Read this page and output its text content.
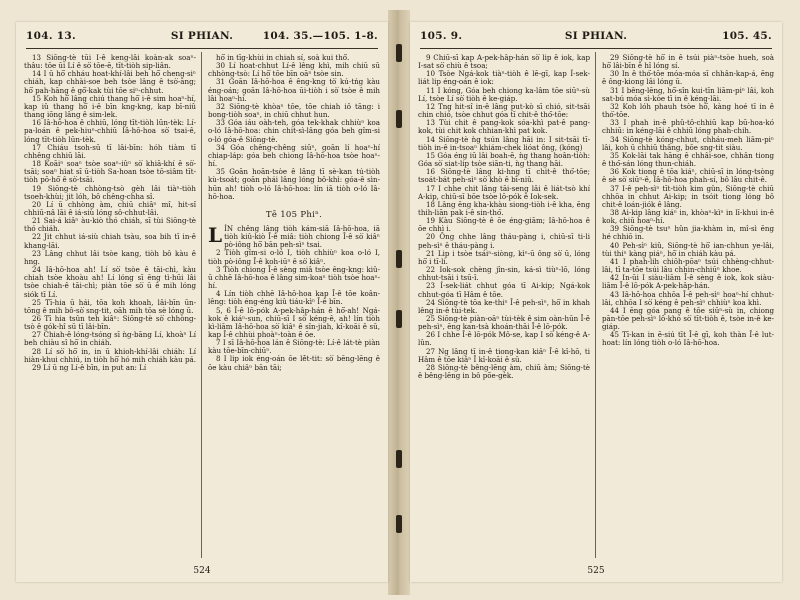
104. 13.	SI PHIAN.	104. 35.—105. 1-8.

13 Siōng-tè tūi Î-ê keng-lâi koàn-ak soaⁿ-thâu: tōe ūi Lí ê sò͘ tōe-ē, tīt-tiòh sip-liân.

14 I ū hō͘ chháu hoat-khí-lâi beh hō͘ cheng-siⁿ chiáh, kap chhài-soe beh tsòe lâng ê tsò͘-āng; hō͘ pah-hāng ê gō͘-kak tùi tōe siⁿ-chhut.

15 Koh hō͘ lâng chiú thang hō͘ i-ê sim hoaⁿ-hí, kap iû thang hō͘ i-ê bīn kng-kng, kap bī-niû thang iōng lâng ê sim-lek.

16 Iâ-hō-hoa ê chhiū, lóng tīt-tiòh lūn-tèk: Lí-pa-loán ê pek-hiuⁿ-chhiū Iâ-hō-hoa sò͘ tsai-ê, lóng tīt-tiòh lūn-tèk.

17 Chiáu tsoh-sū tī lâi-bīn: hóh tiàm tī chhêng chhiū lāi.

18 Koāiⁿ soaⁿ tsòe soaⁿ-iûⁿ sò͘ khiā-khí ê sò͘-tsāi; soaⁿ hiat sī ū-tiòh Sa-hoan tsòe tō-siâm tīt-tiòh pō-hō͘ ê sò͘-tsāi.

19 Siōng-tè chhòng-tsò gèh lâi tiàⁿ-tiòh tsoeh-khùi; jit lóh, bô chêng-chha sî.

20 Lí ū chhòng àm, chiū chiâⁿ mî, hit-sî chhiū-nâ lāi ê iá-siù lóng sô-chhut-lâi.

21 Sai-á kiâⁿ àu-kiò thó chiáh, sī tùi Siōng-tè thó chiáh.

22 Jit chhut iá-siù chiah tsàu, soa bih tī in-ê khang-lāi.

23 Lâng chhut lâi tsòe kang, tiòh bô kàu ê hng.

24 Iâ-hō-hoa ah! Lí sò͘ tsòe ê tāi-chì, kàu chiah tsòe khoàu ah! Lí lóng sī ēng tì-hūi lâi tsòe chiah-ê tāi-chì; piàn tōe sò͘ ū ê mih lóng siók tī Lí.

25 Tī-hia ū hái, tōa koh khoah, lâi-bīn ūn-tōng ê mih bô-sò͘ sng-tit, oāh mih tōa sè lóng ū.

26 Tī hia tsûn teh kiâⁿ: Siōng-tè sò͘ chhòng-tsò ê gók-hî sū tī lâi-bīn.

27 Chiah-ê lóng-tsóng sī ǹg-bāng Lí, khoàⁿ Lí beh chiàu sî hō͘ in chiáh.

28 Lí sò͘ hō͘ in, in ū khioh-khí-lâi chiáh: Lí hiàn-khui chhiú, in tiòh hō͘ hó mih chiáh kàu pá.

29 Lí ū ng Lí-ê bīn, in put an: Lí

hō͘ in tīg-khùi in chiah sí, soà kui thô͘.

30 Lí hoat-chhut Lí-ê lêng khì, mih chiū sū chhòng-tsò: Lí hō͘ tōe bīn oāⁿ tsòe sin.

31 Goān Iâ-hō-hoa ê êng-kng tò͘ kú-tńg kàu éng-oán; goān Iâ-hō-hoa ūi-tiòh i sò͘ tsòe ê mih lâi hoaⁿ-hí.

32 Siōng-tè khòaⁿ tōe, tōe chiah iô tāng: i bong-tiòh soaⁿ, in chiū chhut hun.

33 Góa iáu oàh-teh, góa tek-khak chhiùⁿ koa o-ló Iâ-hō-hoa: chin chit-sì-lâng góa beh gîm-si o-ló góa-ê Siōng-tè.

34 Góa chêng-chêng siūⁿ, goān lí hoaⁿ-hí chiap-láp: góa beh chiong Iâ-hō-hoa tsòe hoaⁿ-hí.

35 Goān hoān-tsòe ê lâng tī sè-kan tú-tiòh kù-tsoát; goān phái lâng lóng bô-khì: góa-ê sìn-hūn ah! tiòh o-ló Iâ-hō-hoa: lín iā tiòh o-ló Iâ-hō-hoa.

Tē 105 Phiⁿ.
L ÍN chêng lâng tiòh kám-siā Iâ-hō-hoa, iā tiòh kiû-kiò Î-ê miâ: tiòh chiong Î-ê sò͘ kiâⁿ pò-iông hō͘ bān peh-sìⁿ tsai.

2 Tiòh gîm-si o-ló I, tiòh chhiùⁿ koa o-ló I, tiòh pò-iông Î-ê koh-iūⁿ ê sò͘ kiâⁿ.

3 Tiòh chiong Î-ê sèng miâ tsòe êng-kng: kiû-ū chhē Iâ-hō-hoa ê lâng sim-koaⁿ tiòh tsòe hoaⁿ-hí.

4 Lín tiòh chhē Iâ-hō-hoa kap Î-ê tōe koân-lêng: tiòh éng-éng kiû tiáu-kìⁿ Î-ê bīn.

5, 6 Î-ê lō-pók A-pek-hâp-hán ê hō͘-ah! Ngá-kok ê kiáⁿ-sun, chiū-sī I sò͘ kéng-ê, ah! lín tiòh kì-liām Iâ-hō-hoa sò͘ kiâⁿ ê sîn-jiah, kî-koāi ê sū, kap Î-ê chhùi phoàⁿ-toàn ê ōe.

7 I sī Iâ-hō-hoa lán ê Siōng-tè: Lí-ê lát-tè piàn kàu tōe-bīn-chiūⁿ.

8 I lip iok éng-oán ōe lē̍t-tit: sò͘ bēng-lēng ê ōe kàu chiâⁿ bān tāi;

524
105. 9.	SI PHIAN.	105. 45.

9 Chiū-sī kap A-pek-hâp-hán sò͘ lip ê iok, kap I-sat sò͘ chiù ê tsoa;

10 Tsòe Ngá-kok tiàⁿ-tiòh ê lē-gī, kap Í-sek-liát lip éng-oán ê iok:

11 I kóng, Góa beh chiong ka-lâm tōe siūⁿ-sù Lí, tsòe Lí sò͘ tiòh ê ke-giáp.

12 Tng hit-sî in-ê lâng put-kò sī chió, sit-tsāi chin chió, tsòe chhut góa tī chit-ê thó͘-tōe:

13 Tùi chit ê pang-kok sóa-khì pat-ê pang-kok, tùi chit kok chhian-khì pat kok.

14 Siōng-tè ǹg tsún lâng hāi in: I sit-tsāi tī-tiòh in-ê in-tsoaⁿ khiám-chek lióat ông, (kóng)

15 Góa éng iū lâi boah-ē, ǹg thang hoân-tiòh: Góa sò͘ siat-lip tsòe siān-ti, ǹg thang hāi.

16 Siōng-tè lâng ki-hng tī chit-ê thó͘-tōe; tsoát-bát peh-sìⁿ sò͘ khò ê bī-niû.

17 I chhe chit lâng tāi-seng lâi ê liát-tsò khí A-kip, chiū-sī bōe tsòe lō-pók ê Iok-sek.

18 Lâng ēng kha-khàu siong-tiòh i-ê kha, ēng thih-liān pak i-ê sin-thó͘.

19 Kàu Siōng-tè ê ōe éng-giām; Iâ-hō-hoa ê ōe chhì i.

20 Ông chhe lâng tháu-pàng i, chiū-sī ti-li peh-sìⁿ ê tháu-pàng i.

21 Lip i tsòe tsáiⁿ-siòng, kìⁿ-ū ông sò͘ ū, lóng hō͘ i tī-lí.

22 Iok-sok chèng jîn-sin, ká-sì tiùⁿ-lō, lóng chhut-tsāi i tsū-î.

23 Í-sek-liát chhut góa tī Ai-kip; Ngá-kok chhut-góa tī Hâm ê tōe.

24 Siōng-tè tōa ke-thiⁿ Î-ê peh-sìⁿ, hō͘ in khah lêng in-ê tùi-tek.

25 Siōng-tè piàn-oāⁿ tùi-tèk ê sim oàn-hūn Î-ê peh-sìⁿ, ēng kan-tsà khoán-thāi Î-ê lō-pók.

26 I chhe Î-ê lō-pók Mô-se, kap I sò͘ kéng-ê A-lûn.

27 Ng lâng tī in-ê tiong-kan kiâⁿ Î-ê kî-hō, ti Hâm ê tōe kiâⁿ Î kî-koāi ê sū.

28 Siōng-tè bêng-lēng àm, chiū àm; Siōng-tè ê bêng-lēng in bô põe-gèk.

29 Siōng-tè hō͘ in ê tsúi piàⁿ-tsòe hueh, soà hō͘ lâi-bīn ê hî lóng sí.

30 In ê thó͘-tōe móa-móa sī chhân-kap-á, ēng ê ông-kiong lâi lóng ū.

31 I bêng-lēng, hō͘-sîn kui-tīn liām-piⁿ lâi, koh sat-bú móa sì-kòe tī in ê kéng-lāi.

32 Koh lóh phauh tsòe hō͘, kàng hoé tī in ê thó͘-tōe.

33 I phah in-ê phû-tô-chhiū kap bū-hoa-kó chhiū: in kéng-lāi ê chhiū lóng phah-chih.

34 Siōng-tè kóng-chhut, chháu-meh liām-piⁿ lâi, koh ū chhiū thâng, bōe sng-tit siàu.

35 Kok-lāi tak hāng ê chhâi-soe, chhân tiong ê thó͘-sán lóng thun-chiáh.

36 Kok tiong ê tōa kiáⁿ, chiū-sī in lóng-tsòng ê sè sò͘ siūⁿ-ê, Iâ-hō-hoa phah-sí, bô lâu chit-ê.

37 I-ê peh-sìⁿ tīt-tiòh kim gûn, Siōng-tè chiū chhōa in chhut Ai-kip; in tsóit tiong lóng bô chit-ê loán-jiók ê lâng.

38 Ai-kip lâng kiáⁿ in, khòaⁿ-kìⁿ in lī-khui in-ê kok, chiū hoaⁿ-hí.

39 Siōng-tè tsuⁿ hûn jia-khàm in, mî-sì ēng hé chhiō in.

40 Peh-sìⁿ kiû, Siōng-tè hō͘ ian-chhun ye-lâi, tùi thiⁿ kàng piáⁿ, hō͘ in chiáh kàu pá.

41 I phah-lih chiōh-pōaⁿ tsúi chhèng-chhut-lâi, tī ta-tōe tsúi lâu chhin-chhiūⁿ khoe.

42 In-ūi I siàu-liām Î-ê sèng ê iok, kok siàu-liām Î-ê lō-pók A-pek-hâp-hán.

43 Iâ-hō-hoa chhōa Î-ê peh-sìⁿ hoaⁿ-hí chhut-lâi, chhōa I sò͘ kéng ê peh-sìⁿ chhiùⁿ koa khì.

44 I ēng góa pang ê tōe siūⁿ-sù in, chiong pān-tōe peh-sìⁿ lô-khó sò͘ tīt-tiòh ê, tsòe in-ê ke-giáp.

45 Tī-kan in ē-siú tīt Î-ê gī, koh thàn Î-ê lut-hoat: lín lóng tiòh o-ló Iâ-hō-hoa.

525
